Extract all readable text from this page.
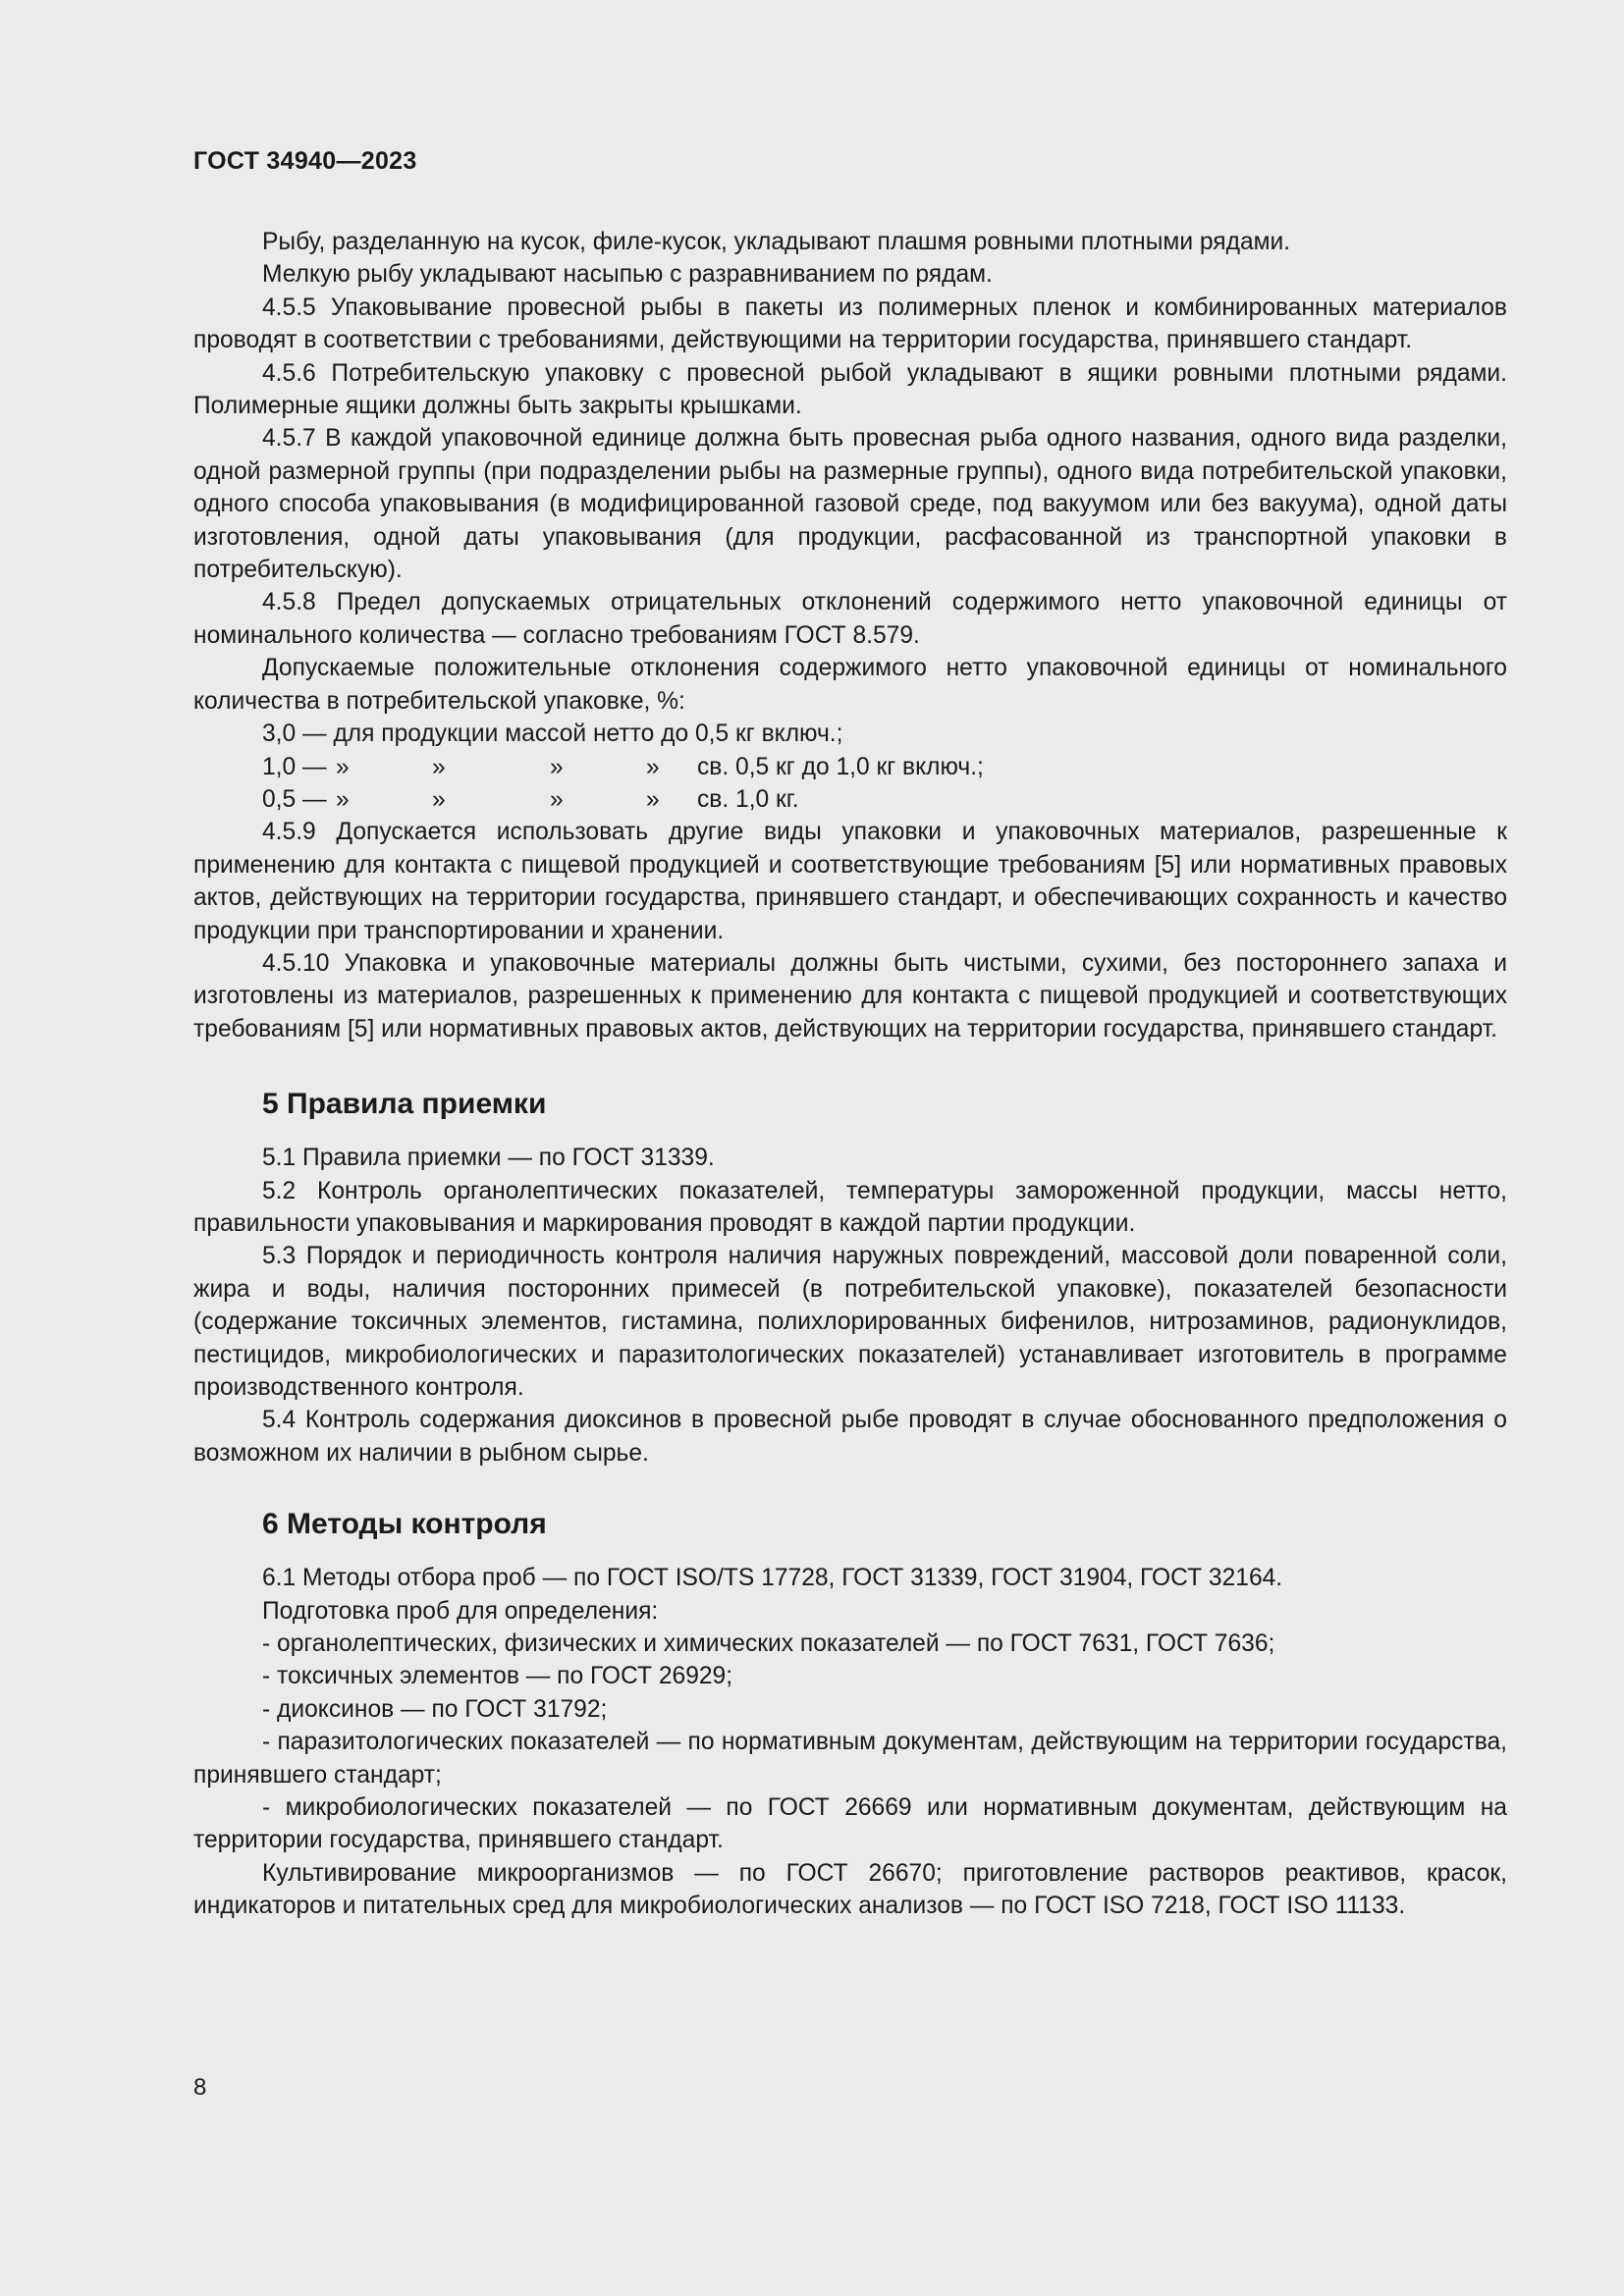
ГОСТ 34940—2023

Рыбу, разделанную на кусок, филе-кусок, укладывают плашмя ровными плотными рядами.

Мелкую рыбу укладывают насыпью с разравниванием по рядам.

4.5.5 Упаковывание провесной рыбы в пакеты из полимерных пленок и комбинированных материалов проводят в соответствии с требованиями, действующими на территории государства, принявшего стандарт.

4.5.6 Потребительскую упаковку с провесной рыбой укладывают в ящики ровными плотными рядами. Полимерные ящики должны быть закрыты крышками.

4.5.7 В каждой упаковочной единице должна быть провесная рыба одного названия, одного вида разделки, одной размерной группы (при подразделении рыбы на размерные группы), одного вида потребительской упаковки, одного способа упаковывания (в модифицированной газовой среде, под вакуумом или без вакуума), одной даты изготовления, одной даты упаковывания (для продукции, расфасованной из транспортной упаковки в потребительскую).

4.5.8 Предел допускаемых отрицательных отклонений содержимого нетто упаковочной единицы от номинального количества — согласно требованиям ГОСТ 8.579.

Допускаемые положительные отклонения содержимого нетто упаковочной единицы от номинального количества в потребительской упаковке, %:

3,0 — для продукции массой нетто до 0,5 кг включ.;
1,0 — »	»	»	»	св. 0,5 кг до 1,0 кг включ.;
0,5 — »	»	»	»	св. 1,0 кг.

4.5.9 Допускается использовать другие виды упаковки и упаковочных материалов, разрешенные к применению для контакта с пищевой продукцией и соответствующие требованиям [5] или нормативных правовых актов, действующих на территории государства, принявшего стандарт, и обеспечивающих сохранность и качество продукции при транспортировании и хранении.

4.5.10 Упаковка и упаковочные материалы должны быть чистыми, сухими, без постороннего запаха и изготовлены из материалов, разрешенных к применению для контакта с пищевой продукцией и соответствующих требованиям [5] или нормативных правовых актов, действующих на территории государства, принявшего стандарт.

5 Правила приемки

5.1 Правила приемки — по ГОСТ 31339.

5.2 Контроль органолептических показателей, температуры замороженной продукции, массы нетто, правильности упаковывания и маркирования проводят в каждой партии продукции.

5.3 Порядок и периодичность контроля наличия наружных повреждений, массовой доли поваренной соли, жира и воды, наличия посторонних примесей (в потребительской упаковке), показателей безопасности (содержание токсичных элементов, гистамина, полихлорированных бифенилов, нитрозаминов, радионуклидов, пестицидов, микробиологических и паразитологических показателей) устанавливает изготовитель в программе производственного контроля.

5.4 Контроль содержания диоксинов в провесной рыбе проводят в случае обоснованного предположения о возможном их наличии в рыбном сырье.

6 Методы контроля

6.1 Методы отбора проб — по ГОСТ ISO/TS 17728, ГОСТ 31339, ГОСТ 31904, ГОСТ 32164.

Подготовка проб для определения:

- органолептических, физических и химических показателей — по ГОСТ 7631, ГОСТ 7636;

- токсичных элементов — по ГОСТ 26929;

- диоксинов — по ГОСТ 31792;

- паразитологических показателей — по нормативным документам, действующим на территории государства, принявшего стандарт;

- микробиологических показателей — по ГОСТ 26669 или нормативным документам, действующим на территории государства, принявшего стандарт.

Культивирование микроорганизмов — по ГОСТ 26670; приготовление растворов реактивов, красок, индикаторов и питательных сред для микробиологических анализов — по ГОСТ ISO 7218, ГОСТ ISO 11133.

8
